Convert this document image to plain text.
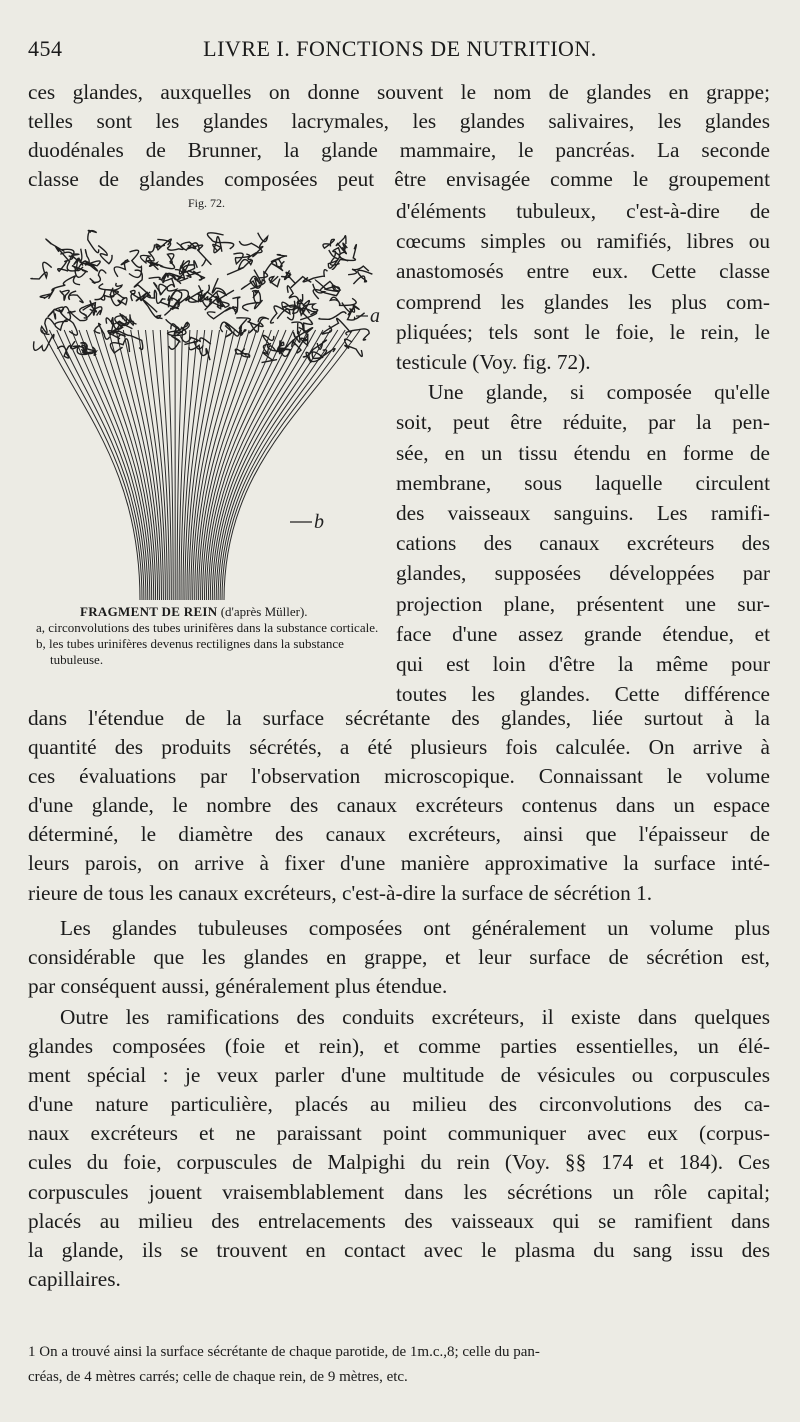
454	LIVRE I. FONCTIONS DE NUTRITION.
ces glandes, auxquelles on donne souvent le nom de glandes en grappe;
telles sont les glandes lacrymales, les glandes salivaires, les glandes
duodénales de Brunner, la glande mammaire, le pancréas. La seconde
classe de glandes composées peut être envisagée comme le groupement
Fig. 72.
a
b
FRAGMENT DE REIN (d'après Müller).
a, circonvolutions des tubes urinifères dans la substance corticale.
b, les tubes urinifères devenus rectilignes dans la substance tubuleuse.
d'éléments tubuleux, c'est-à-dire de
cœcums simples ou ramifiés, libres ou
anastomosés entre eux. Cette classe
comprend les glandes les plus com-
pliquées; tels sont le foie, le rein, le
testicule (Voy. fig. 72).
Une glande, si composée qu'elle
soit, peut être réduite, par la pen-
sée, en un tissu étendu en forme de
membrane, sous laquelle circulent
des vaisseaux sanguins. Les ramifi-
cations des canaux excréteurs des
glandes, supposées développées par
projection plane, présentent une sur-
face d'une assez grande étendue, et
qui est loin d'être la même pour
toutes les glandes. Cette différence
dans l'étendue de la surface sécrétante des glandes, liée surtout à la
quantité des produits sécrétés, a été plusieurs fois calculée. On arrive à
ces évaluations par l'observation microscopique. Connaissant le volume
d'une glande, le nombre des canaux excréteurs contenus dans un espace
déterminé, le diamètre des canaux excréteurs, ainsi que l'épaisseur de
leurs parois, on arrive à fixer d'une manière approximative la surface inté-
rieure de tous les canaux excréteurs, c'est-à-dire la surface de sécrétion 1.
Les glandes tubuleuses composées ont généralement un volume plus
considérable que les glandes en grappe, et leur surface de sécrétion est,
par conséquent aussi, généralement plus étendue.
Outre les ramifications des conduits excréteurs, il existe dans quelques
glandes composées (foie et rein), et comme parties essentielles, un élé-
ment spécial : je veux parler d'une multitude de vésicules ou corpuscules
d'une nature particulière, placés au milieu des circonvolutions des ca-
naux excréteurs et ne paraissant point communiquer avec eux (corpus-
cules du foie, corpuscules de Malpighi du rein (Voy. §§ 174 et 184). Ces
corpuscules jouent vraisemblablement dans les sécrétions un rôle capital;
placés au milieu des entrelacements des vaisseaux qui se ramifient dans
la glande, ils se trouvent en contact avec le plasma du sang issu des
capillaires.
1 On a trouvé ainsi la surface sécrétante de chaque parotide, de 1m.c.,8; celle du pan-
créas, de 4 mètres carrés; celle de chaque rein, de 9 mètres, etc.
